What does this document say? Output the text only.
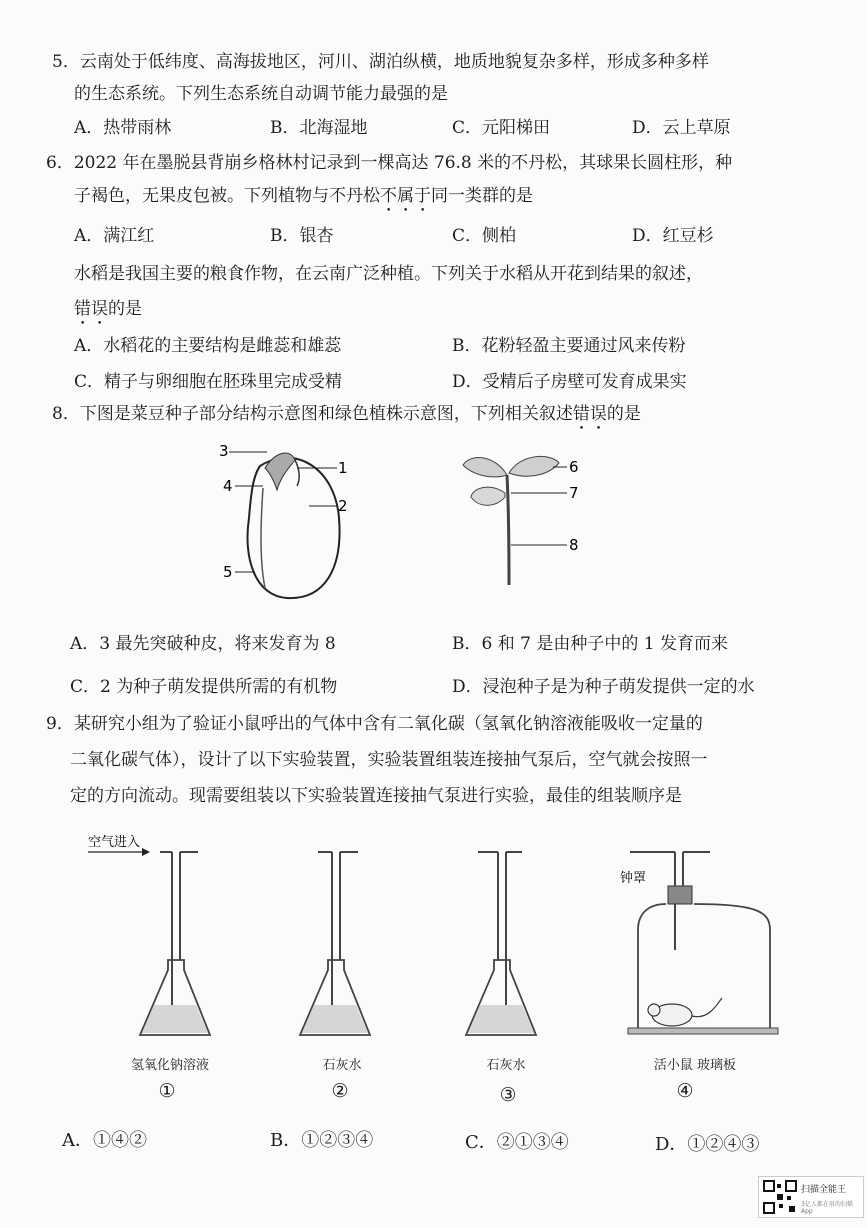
5．云南处于低纬度、高海拔地区，河川、湖泊纵横，地质地貌复杂多样，形成多种多样
的生态系统。下列生态系统自动调节能力最强的是
A．热带雨林	B．北海湿地	C．元阳梯田	D．云上草原
6．2022 年在墨脱县背崩乡格林村记录到一棵高达 76.8 米的不丹松，其球果长圆柱形，种
子褐色，无果皮包被。下列植物与不丹松不属于同一类群的是
A．满江红	B．银杏	C．侧柏	D．红豆杉
水稻是我国主要的粮食作物，在云南广泛种植。下列关于水稻从开花到结果的叙述，
错误的是
A．水稻花的主要结构是雌蕊和雄蕊	B．花粉轻盈主要通过风来传粉
C．精子与卵细胞在胚珠里完成受精	D．受精后子房壁可发育成果实
8．下图是菜豆种子部分结构示意图和绿色植株示意图，下列相关叙述错误的是
1
2
3
4
5
6
7
8
A．3 最先突破种皮，将来发育为 8	B．6 和 7 是由种子中的 1 发育而来
C．2 为种子萌发提供所需的有机物	D．浸泡种子是为种子萌发提供一定的水
9．某研究小组为了验证小鼠呼出的气体中含有二氧化碳（氢氧化钠溶液能吸收一定量的
二氧化碳气体），设计了以下实验装置，实验装置组装连接抽气泵后，空气就会按照一
定的方向流动。现需要组装以下实验装置连接抽气泵进行实验，最佳的组装顺序是
空气进入
钟罩
氢氧化钠溶液	石灰水	石灰水	活小鼠 玻璃板
①	②	③	④
A．①④②	B．①②③④	C．②①③④	D．①②④③
扫描全能王
3亿人都在用的扫描App
